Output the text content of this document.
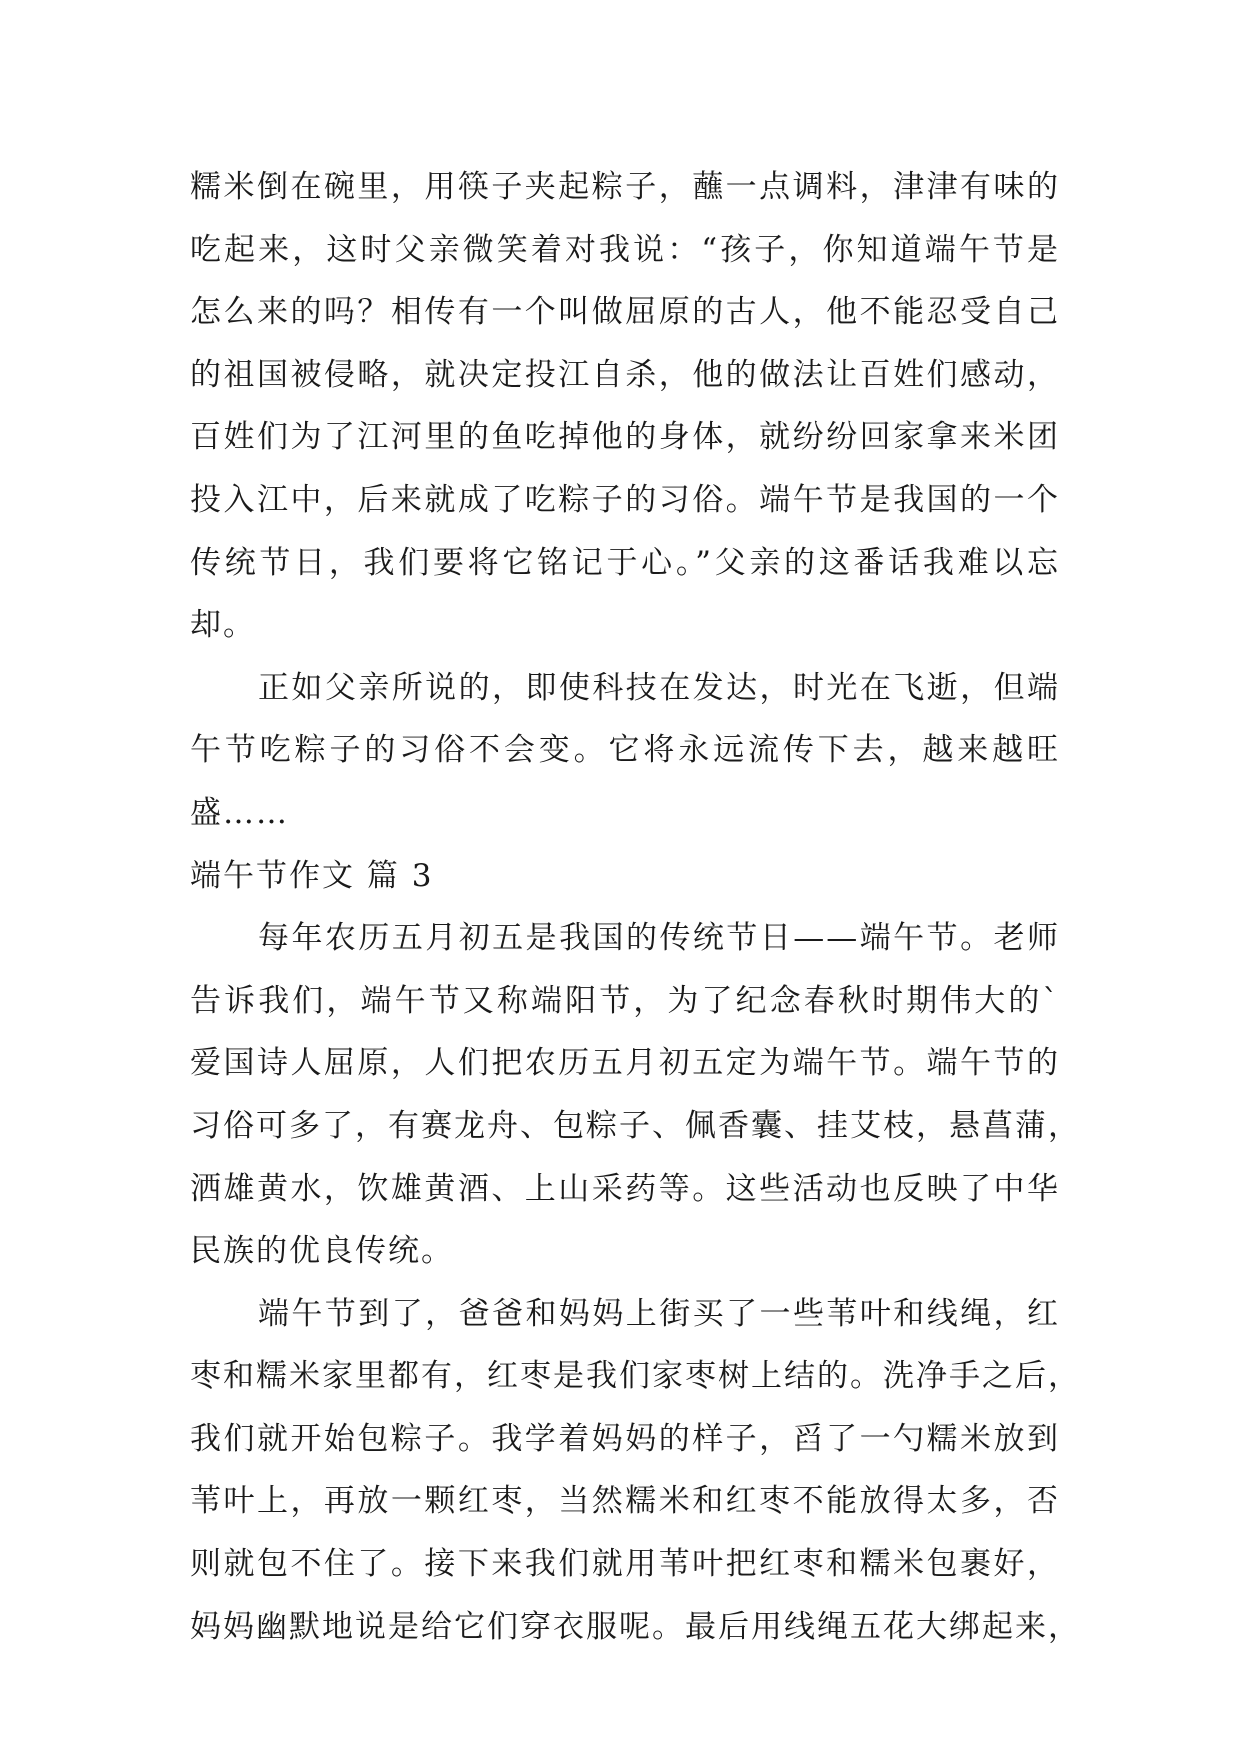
糯米倒在碗里，用筷子夹起粽子，蘸一点调料，津津有味的
吃起来，这时父亲微笑着对我说：“孩子，你知道端午节是
怎么来的吗？相传有一个叫做屈原的古人，他不能忍受自己
的祖国被侵略，就决定投江自杀，他的做法让百姓们感动，
百姓们为了江河里的鱼吃掉他的身体，就纷纷回家拿来米团
投入江中，后来就成了吃粽子的习俗。端午节是我国的一个
传统节日，我们要将它铭记于心。”父亲的这番话我难以忘
却。
正如父亲所说的，即使科技在发达，时光在飞逝，但端
午节吃粽子的习俗不会变。它将永远流传下去，越来越旺
盛……
端午节作文 篇 3
每年农历五月初五是我国的传统节日——端午节。老师
告诉我们，端午节又称端阳节，为了纪念春秋时期伟大的`
爱国诗人屈原，人们把农历五月初五定为端午节。端午节的
习俗可多了，有赛龙舟、包粽子、佩香囊、挂艾枝，悬菖蒲，
洒雄黄水，饮雄黄酒、上山采药等。这些活动也反映了中华
民族的优良传统。
端午节到了，爸爸和妈妈上街买了一些苇叶和线绳，红
枣和糯米家里都有，红枣是我们家枣树上结的。洗净手之后，
我们就开始包粽子。我学着妈妈的样子，舀了一勺糯米放到
苇叶上，再放一颗红枣，当然糯米和红枣不能放得太多，否
则就包不住了。接下来我们就用苇叶把红枣和糯米包裹好，
妈妈幽默地说是给它们穿衣服呢。最后用线绳五花大绑起来，
